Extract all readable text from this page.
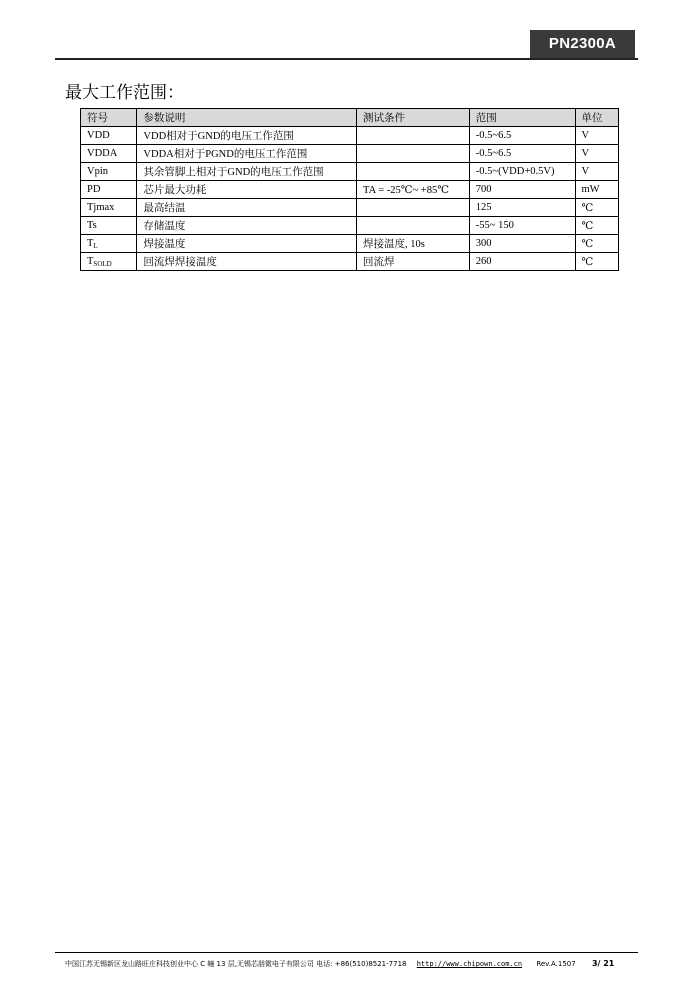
PN2300A
最大工作范围：
符号	参数说明	测试条件	范围	单位
VDD	VDD相对于GND的电压工作范围		-0.5~6.5	V
VDDA	VDDA相对于PGND的电压工作范围		-0.5~6.5	V
Vpin	其余管脚上相对于GND的电压工作范围		-0.5~(VDD+0.5V)	V
PD	芯片最大功耗	TA = -25℃~ +85℃	700	mW
Tjmax	最高结温		125	℃
Ts	存储温度		-55~ 150	℃
$T_L$	焊接温度	焊接温度, 10s	300	℃
$T_{SOLD}$	回流焊焊接温度	回流焊	260	℃
中国江苏无锡新区龙山路旺庄科技创业中心 C 幢 13 层,无锡芯朋微电子有限公司 电话: +86(510)8521-7718 http://www.chipown.com.cn Rev.A.1507 3/ 21
